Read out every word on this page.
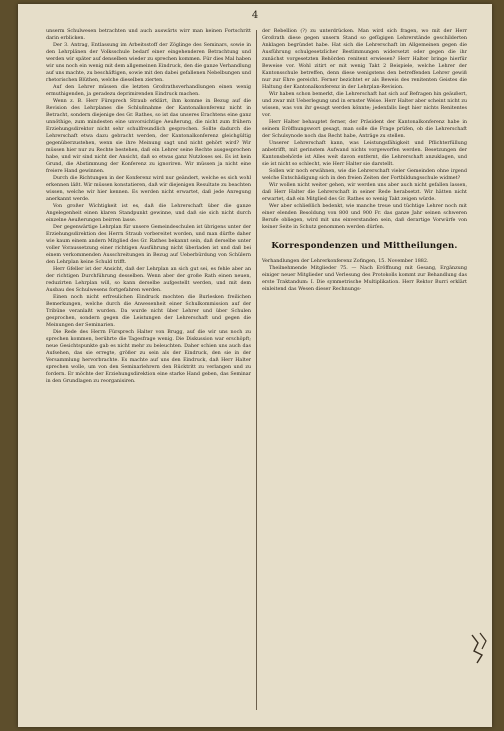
4

unserm Schulwesen betrachten und auch auswärts wirr man keinen Fortschritt darin erblicken.

Der 3. Antrag, Entlassung im Arbeitsstoff der Zöglinge des Seminars, sowie in den Lehrplänen der Volksschule bedarf einer eingehenderen Betrachtung und werden wir später auf denselben wieder zu sprechen kommen. Für dies Mal haben wir uns noch ein wenig mit dem allgemeinen Eindruck, den die ganze Verhandlung auf uns machte, zu beschäftigen, sowie mit den dabei gefallenen Nebelbungen und rhetorischen Blüthen, welche dieselben zierten.

Auf den Lehrer müssen die letzten Großrathsverhandlungen einen wenig ermuthigenden, ja geradezu deprimirenden Eindruck machen.

Wenn z. B. Herr Fürsprech Straub erklärt, ihm komme in Bezug auf die Revision des Lehrplanes die Schlußnahme der Kantonalkonferenz nicht in Betracht, sondern diejenige des Gr. Rathes, so ist das unseres Erachtens eine ganz unnöthige, zum mindesten eine unvorsichtige Aeußerung, die nicht zum frühern Erziehungsdirektor nicht sehr schulfreundlich gesprochen. Sollte dadurch die Lehrerschaft etwa dazu gebracht werden, der Kantonalkonferenz gleichgültig gegenüberzustehen, wenn sie ihre Meinung sagt und nicht gehört wird? Wir müssen hier nur zu Rechte bestehen, daß ein Lehrer seine Rechte ausgesprochen habe, und wir sind nicht der Ansicht, daß so etwas ganz Nutzloses sei. Es ist kein Grund, die Abstimmung der Konferenz zu ignoriren. Wir müssen ja nicht eine freiere Hand gewinnen.

Durch die Richtungen in der Konferenz wird nur geändert, welche es sich wohl erkennen läßt. Wir müssen konstatieren, daß wir diejenigen Resultate zu beachten wissen, welche wir hier kennen. Es werden nicht erwartet, daß jede Anregung anerkannt werde.

Von großer Wichtigkeit ist es, daß die Lehrerschaft über die ganze Angelegenheit einen klaren Standpunkt gewinne, und daß sie sich nicht durch einzelne Aeußerungen beirren lasse.

Der gegenwärtige Lehrplan für unsere Gemeindeschulen ist übrigens unter der Erziehungsdirektion des Herrn Straub vorbereitet worden, und man dürfte daher wie kaum einem andern Mitglied des Gr. Rathes bekannt sein, daß derselbe unter voller Voraussetzung einer richtigen Ausführung nicht überladen ist und daß bei einem verkommenden Ausschreitungen in Bezug auf Ueberbürdung von Schülern den Lehrplan keine Schuld trifft.

Herr Gfeller ist der Ansicht, daß der Lehrplan an sich gut sei, es fehle aber an der richtigen Durchführung desselben. Wenn aber der große Rath einen neuen, reduzirten Lehrplan will, so kann derselbe aufgestellt werden, und mit dem Ausbau des Schulwesens fortgefahren werden.

Einen noch nicht erfreulichen Eindruck mochten die Burlesken freilichen Bemerkungen, welche durch die Anwesenheit einer Schulkommission auf der Tribüne veranlaßt wurden. Da wurde nicht über Lehrer und über Schulen gesprochen, sondern gegen die Leistungen der Lehrerschaft und gegen die Meinungen der Seminarien.

Die Rede des Herrn Fürsprech Halter von Brugg, auf die wir uns noch zu sprechen kommen, berührte die Tagesfrage wenig. Die Diskussion war erschöpft; neue Gesichtspunkte gab es nicht mehr zu beleuchten. Daher schien uns auch das Aufsehen, das sie erregte, größer zu sein als der Eindruck, den sie in der Versammlung hervorbrachte. Es machte auf uns den Eindruck, daß Herr Halter sprechen wolle, um von den Seminarlehrern den Rücktritt zu verlangen und zu fordern. Er möchte der Erziehungsdirektion eine starke Hand geben, das Seminar in den Grundlagen zu reorganisiren.

der Rebellion (?) zu unterdrücken. Man wird sich fragen, wo mit der Herr Großrath diese gegen unsern Stand so gefügigen Lehrerstände geschilderten Anklagen begründet habe. Hat sich die Lehrerschaft im Allgemeinen gegen die Ausführung schulgesetzlicher Bestimmungen widersetzt oder gegen die ihr zunächst vorgesetzten Behörden renitent erwiesen? Herr Halter bringe hierfür Beweise vor. Wohl zitirt er mit wenig Takt 2 Beispiele, welche Lehrer der Kantonsschule betreffen, denn diese wenigstens den betreffenden Lehrer gewiß nur zur Ehre gereicht. Ferner bezichtet er als Beweis des renitenten Geistes die Haltung der Kantonalkonferenz in der Lehrplan-Revision.

Wir haben schon bemerkt, die Lehrerschaft hat sich auf Befragen hin geäußert, und zwar mit Ueberlegung und in ernster Weise. Herr Halter aber scheint nicht zu wissen, was von ihr gesagt werden könnte; jedenfalls liegt hier nichts Renitentes vor.

Herr Halter behauptet ferner, der Präsident der Kantonalkonferenz habe in seinem Eröffnungswort gesagt, man solle die Frage prüfen, ob die Lehrerschaft der Schulsynode noch das Recht habe, Anträge zu stellen.

Unserer Lehrerschaft kann, was Leistungsfähigkeit und Pflichterfüllung anbetrifft, mit gerinstem Aufwand nichts vorgeworfen werden. Besetzungen der Kantonsbehörde ist Alles weit davon entfernt, die Lehrerschaft anzuklagen, und sie ist nicht so schlecht, wie Herr Halter sie darstellt.

Sollen wir noch erwähnen, wie die Lehrerschaft vieler Gemeinden ohne irgend welche Entschädigung sich in den freien Zeiten der Fortbildungsschule widmet?

Wir wollen nicht weiter gehen, wir werden uns aber auch nicht gefallen lassen, daß Herr Halter die Lehrerschaft in seiner Rede herabsetzt. Wir hätten nicht erwartet, daß ein Mitglied des Gr. Rathes so wenig Takt zeigen würde.

Wer aber schließlich bedenkt, wie manche treue und tüchtige Lehrer noch mit einer elenden Besoldung von 800 und 900 Fr. das ganze Jahr seinen schweren Berufe obliegen, wird mit uns einverstanden sein, daß derartige Vorwürfe von keiner Seite in Schutz genommen werden dürfen.

Korrespondenzen und Mittheilungen.

Verhandlungen der Lehrerkonferenz Zofingen, 15. November 1882.

Theilnehmende Mitglieder 75. — Nach Eröffnung mit Gesang, Ergänzung einiger neuer Mitglieder und Verlesung des Protokolls kommt zur Behandlung das erste Traktandum: I. Die symmetrische Multiplikation. Herr Rektor Burri erklärt einleitend das Wesen dieser Rechnungs-
